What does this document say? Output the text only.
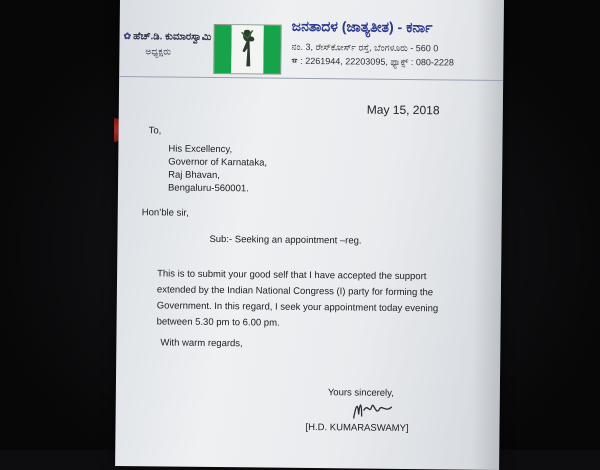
✿ ಹೆಚ್.ಡಿ. ಕುಮಾರಸ್ವಾಮಿ
ಅಧ್ಯಕ್ಷರು
ಜನತಾದಳ (ಜಾತ್ಯತೀತ) - ಕರ್ನಾ
ನಂ. 3, ರೇಸ್‌ಕೋರ್ಸ್ ರಸ್ತೆ, ಬೆಂಗಳೂರು - 560 0
☎ : 2261944, 22203095, ಫ್ಯಾಕ್ಸ್ : 080-2228
May 15, 2018
To,
His Excellency,
Governor of Karnataka,
Raj Bhavan,
Bengaluru-560001.
Hon’ble sir,
Sub:- Seeking an appointment –reg.
This is to submit your good self that I have accepted the support
extended by the Indian National Congress (I) party for forming the
Government. In this regard, I seek your appointment today evening
between 5.30 pm to 6.00 pm.
With warm regards,
Yours sincerely,
[H.D. KUMARASWAMY]
